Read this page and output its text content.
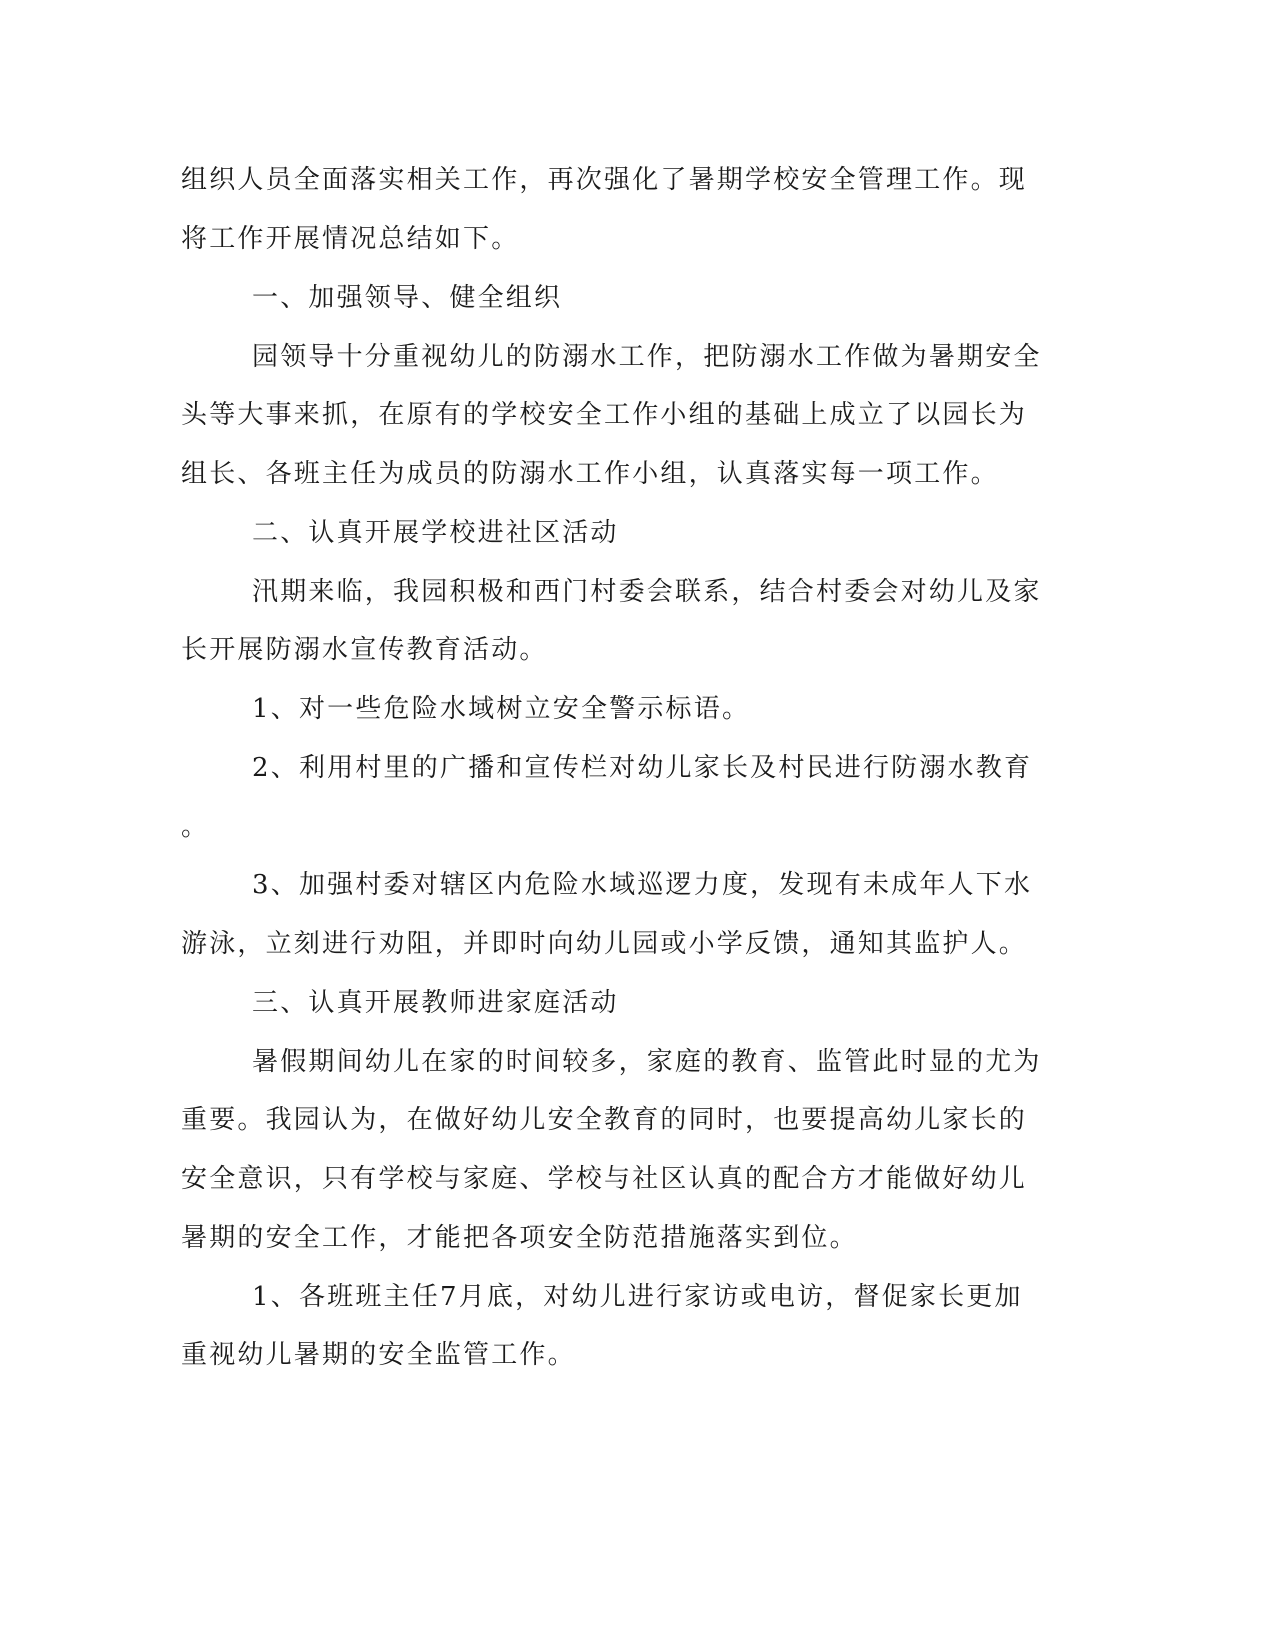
组织人员全面落实相关工作，再次强化了暑期学校安全管理工作。现
将工作开展情况总结如下。
一、加强领导、健全组织
园领导十分重视幼儿的防溺水工作，把防溺水工作做为暑期安全
头等大事来抓，在原有的学校安全工作小组的基础上成立了以园长为
组长、各班主任为成员的防溺水工作小组，认真落实每一项工作。
二、认真开展学校进社区活动
汛期来临，我园积极和西门村委会联系，结合村委会对幼儿及家
长开展防溺水宣传教育活动。
1、对一些危险水域树立安全警示标语。
2、利用村里的广播和宣传栏对幼儿家长及村民进行防溺水教育
。
3、加强村委对辖区内危险水域巡逻力度，发现有未成年人下水
游泳，立刻进行劝阻，并即时向幼儿园或小学反馈，通知其监护人。
三、认真开展教师进家庭活动
暑假期间幼儿在家的时间较多，家庭的教育、监管此时显的尤为
重要。我园认为，在做好幼儿安全教育的同时，也要提高幼儿家长的
安全意识，只有学校与家庭、学校与社区认真的配合方才能做好幼儿
暑期的安全工作，才能把各项安全防范措施落实到位。
1、各班班主任7月底，对幼儿进行家访或电访，督促家长更加
重视幼儿暑期的安全监管工作。
